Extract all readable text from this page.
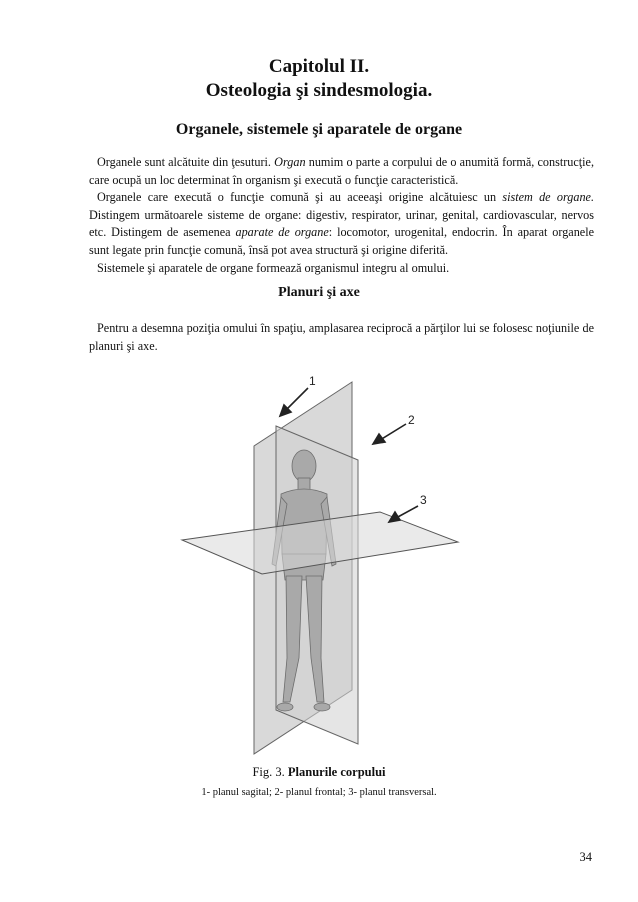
Capitolul II.
Osteologia şi sindesmologia.
Organele, sistemele şi aparatele de organe

Organele sunt alcătuite din ţesuturi. Organ numim o parte a corpului de o anumită formă, construcţie, care ocupă un loc determinat în organism şi execută o funcţie caracteristică.

Organele care execută o funcţie comună şi au aceeaşi origine alcătuiesc un sistem de organe. Distingem următoarele sisteme de organe: digestiv, respirator, urinar, genital, cardiovascular, nervos etc. Distingem de asemenea aparate de organe: locomotor, urogenital, endocrin. În aparat organele sunt legate prin funcţie comună, însă pot avea structură şi origine diferită.

Sistemele şi aparatele de organe formează organismul integru al omului.

Planuri şi axe

Pentru a desemna poziţia omului în spaţiu, amplasarea reciprocă a părţilor lui se folosesc noţiunile de planuri şi axe.

1
2
3
Fig. 3. Planurile corpului
1- planul sagital; 2- planul frontal; 3- planul transversal.
34
